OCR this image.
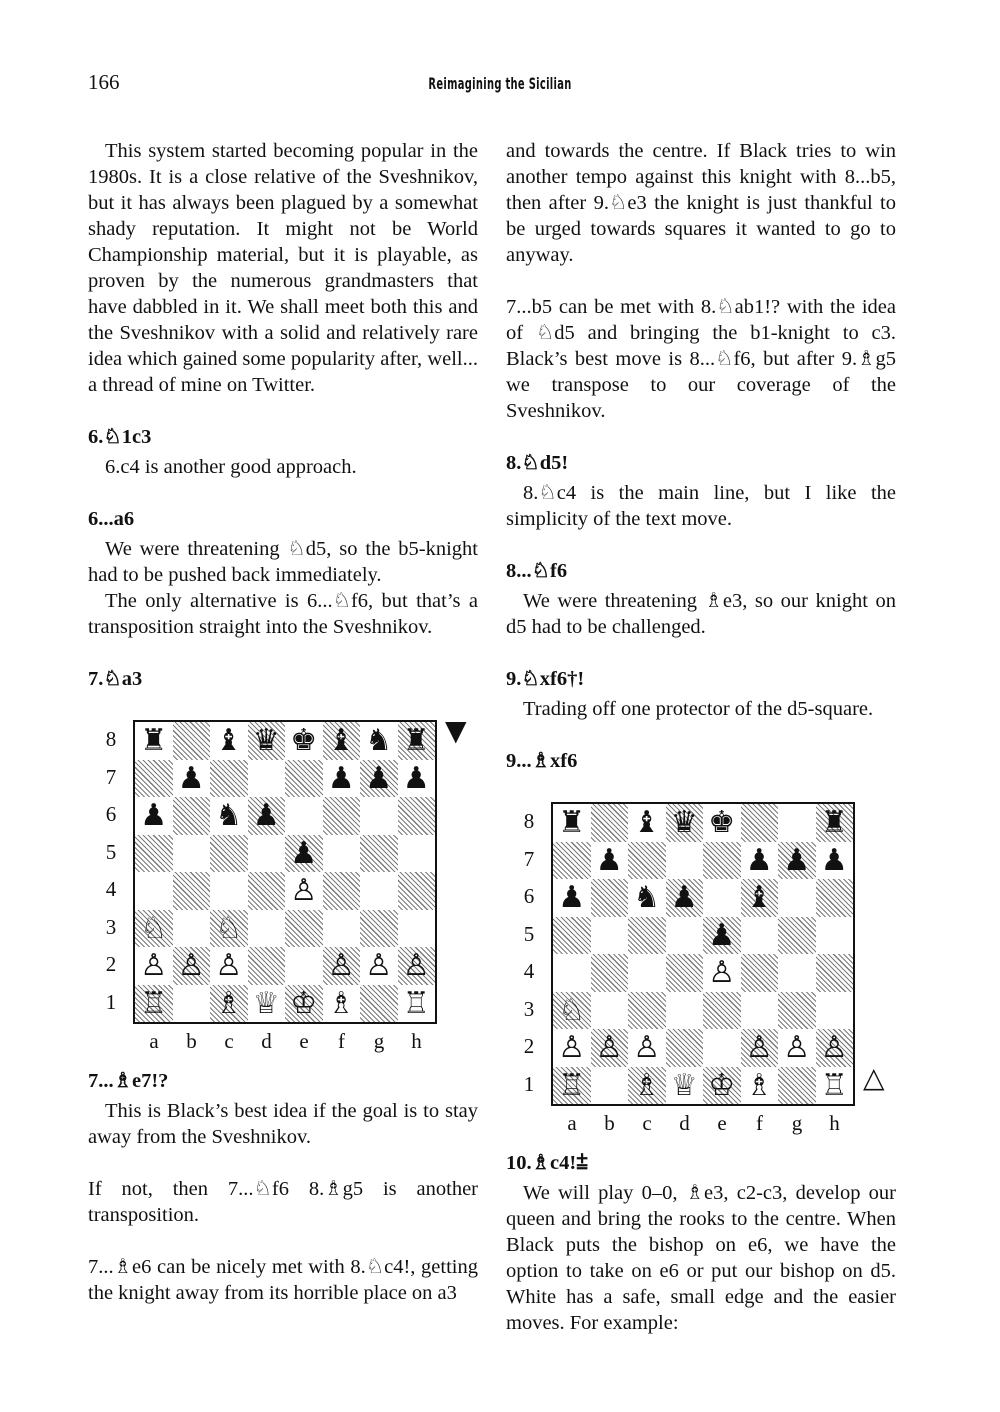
166	Reimagining the Sicilian

This system started becoming popular in the 1980s. It is a close relative of the Sveshnikov, but it has always been plagued by a somewhat shady reputation. It might not be World Championship material, but it is playable, as proven by the numerous grandmasters that have dabbled in it. We shall meet both this and the Sveshnikov with a solid and relatively rare idea which gained some popularity after, well... a thread of mine on Twitter.

6.♘1c3

6.c4 is another good approach.

6...a6

We were threatening ♘d5, so the b5-knight had to be pushed back immediately.

The only alternative is 6...♘f6, but that’s a transposition straight into the Sveshnikov.

7.♘a3

♜ ♝ ♛ ♚ ♝ ♞ ♜
♟	♟ ♟ ♟
♟ ♞ ♟
♟
♙
♘ ♘
♙ ♙ ♙	♙ ♙ ♙
♖ ♗ ♕ ♔ ♗ ♖
8
7
6
5
4
3
2
1
a	b	c	d	e	f	g	h
▼

7...♗e7!?

This is Black’s best idea if the goal is to stay away from the Sveshnikov.

If not, then 7...♘f6 8.♗g5 is another transposition.

7...♗e6 can be nicely met with 8.♘c4!, getting the knight away from its horrible place on a3

and towards the centre. If Black tries to win another tempo against this knight with 8...b5, then after 9.♘e3 the knight is just thankful to be urged towards squares it wanted to go to anyway.

7...b5 can be met with 8.♘ab1!? with the idea of ♘d5 and bringing the b1-knight to c3. Black’s best move is 8...♘f6, but after 9.♗g5 we transpose to our coverage of the Sveshnikov.

8.♘d5!

8.♘c4 is the main line, but I like the simplicity of the text move.

8...♘f6

We were threatening ♗e3, so our knight on d5 had to be challenged.

9.♘xf6†!

Trading off one protector of the d5-square.

9...♗xf6

♜ ♝ ♛ ♚	♜
♟	♟ ♟ ♟
♟ ♞ ♟ ♝
♟
♙
♘
♙ ♙ ♙	♙ ♙ ♙
♖ ♗ ♕ ♔ ♗ ♖
8
7
6
5
4
3
2
1
a	b	c	d	e	f	g	h
△

10.♗c4!⩲

We will play 0–0, ♗e3, c2-c3, develop our queen and bring the rooks to the centre. When Black puts the bishop on e6, we have the option to take on e6 or put our bishop on d5. White has a safe, small edge and the easier moves. For example:
